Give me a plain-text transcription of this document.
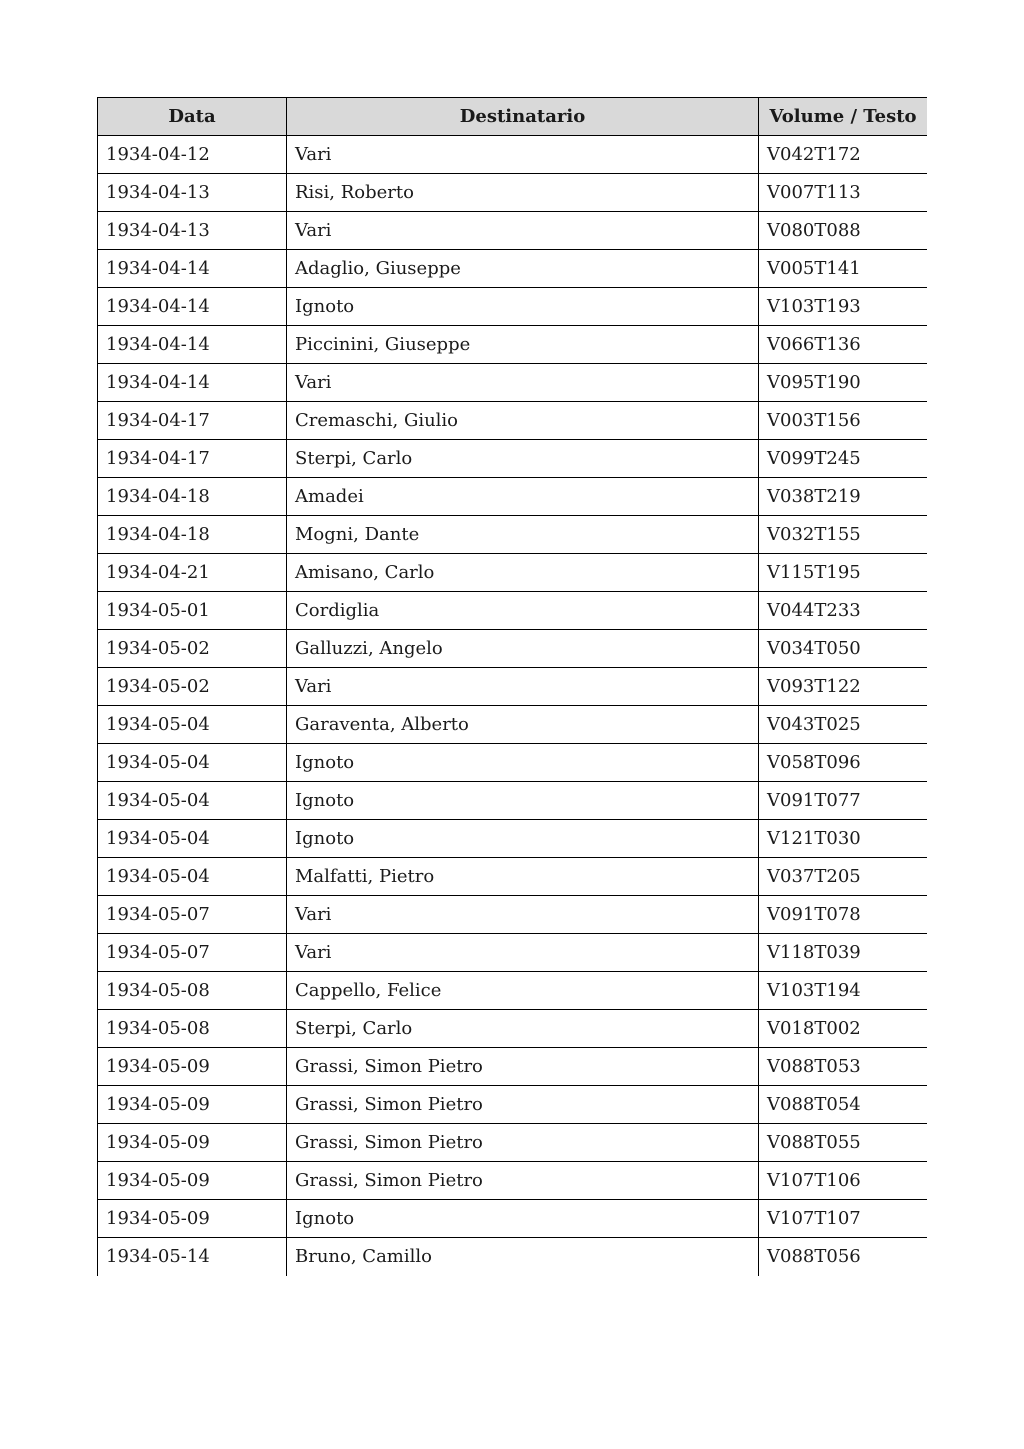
Data	Destinatario	Volume / Testo
1934-04-12	Vari	V042T172
1934-04-13	Risi, Roberto	V007T113
1934-04-13	Vari	V080T088
1934-04-14	Adaglio, Giuseppe	V005T141
1934-04-14	Ignoto	V103T193
1934-04-14	Piccinini, Giuseppe	V066T136
1934-04-14	Vari	V095T190
1934-04-17	Cremaschi, Giulio	V003T156
1934-04-17	Sterpi, Carlo	V099T245
1934-04-18	Amadei	V038T219
1934-04-18	Mogni, Dante	V032T155
1934-04-21	Amisano, Carlo	V115T195
1934-05-01	Cordiglia	V044T233
1934-05-02	Galluzzi, Angelo	V034T050
1934-05-02	Vari	V093T122
1934-05-04	Garaventa, Alberto	V043T025
1934-05-04	Ignoto	V058T096
1934-05-04	Ignoto	V091T077
1934-05-04	Ignoto	V121T030
1934-05-04	Malfatti, Pietro	V037T205
1934-05-07	Vari	V091T078
1934-05-07	Vari	V118T039
1934-05-08	Cappello, Felice	V103T194
1934-05-08	Sterpi, Carlo	V018T002
1934-05-09	Grassi, Simon Pietro	V088T053
1934-05-09	Grassi, Simon Pietro	V088T054
1934-05-09	Grassi, Simon Pietro	V088T055
1934-05-09	Grassi, Simon Pietro	V107T106
1934-05-09	Ignoto	V107T107
1934-05-14	Bruno, Camillo	V088T056
